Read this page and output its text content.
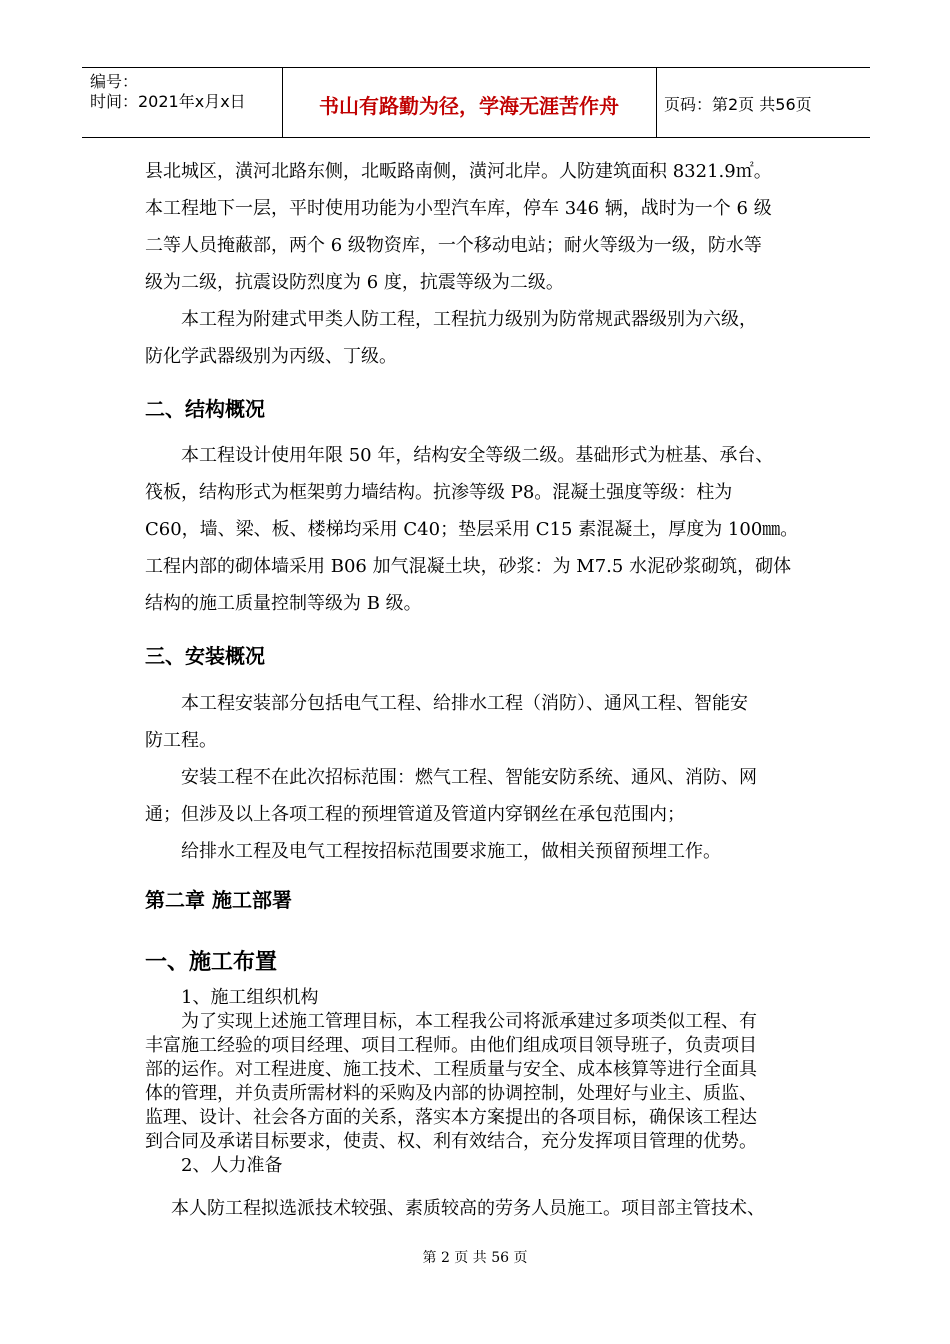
编号：
时间：2021年x月x日	书山有路勤为径，学海无涯苦作舟	页码：第2页 共56页

县北城区，潢河北路东侧，北畈路南侧，潢河北岸。人防建筑面积 8321.9㎡。
本工程地下一层，平时使用功能为小型汽车库，停车 346 辆，战时为一个 6 级
二等人员掩蔽部，两个 6 级物资库，一个移动电站；耐火等级为一级，防水等
级为二级，抗震设防烈度为 6 度，抗震等级为二级。

本工程为附建式甲类人防工程，工程抗力级别为防常规武器级别为六级，
防化学武器级别为丙级、丁级。

二、结构概况

本工程设计使用年限 50 年，结构安全等级二级。基础形式为桩基、承台、
筏板，结构形式为框架剪力墙结构。抗渗等级 P8。混凝土强度等级：柱为
C60，墙、梁、板、楼梯均采用 C40；垫层采用 C15 素混凝土，厚度为 100㎜。
工程内部的砌体墙采用 B06 加气混凝土块，砂浆：为 M7.5 水泥砂浆砌筑，砌体
结构的施工质量控制等级为 B 级。

三、安装概况

本工程安装部分包括电气工程、给排水工程（消防）、通风工程、智能安
防工程。

安装工程不在此次招标范围：燃气工程、智能安防系统、通风、消防、网
通；但涉及以上各项工程的预埋管道及管道内穿钢丝在承包范围内；

给排水工程及电气工程按招标范围要求施工，做相关预留预埋工作。

第二章 施工部署
一、施工布置

1、施工组织机构
为了实现上述施工管理目标，本工程我公司将派承建过多项类似工程、有
丰富施工经验的项目经理、项目工程师。由他们组成项目领导班子，负责项目
部的运作。对工程进度、施工技术、工程质量与安全、成本核算等进行全面具
体的管理，并负责所需材料的采购及内部的协调控制，处理好与业主、质监、
监理、设计、社会各方面的关系，落实本方案提出的各项目标，确保该工程达
到合同及承诺目标要求，使责、权、利有效结合，充分发挥项目管理的优势。
2、人力准备

本人防工程拟选派技术较强、素质较高的劳务人员施工。项目部主管技术、

第 2 页 共 56 页
